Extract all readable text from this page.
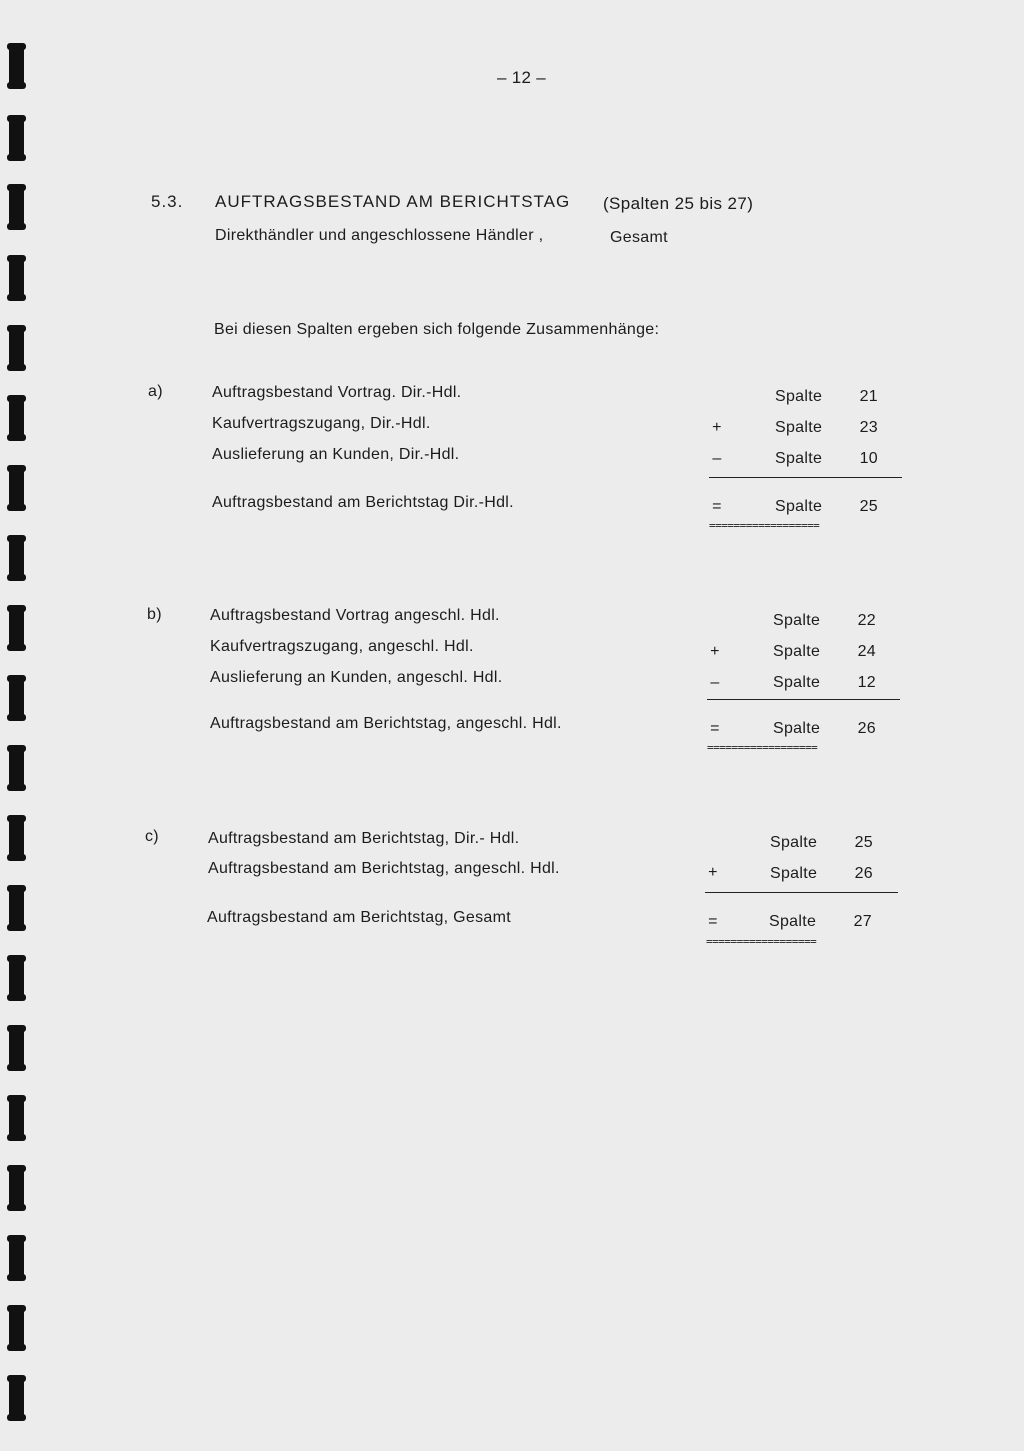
– 12 –
5.3. AUFTRAGSBESTAND AM BERICHTSTAG (Spalten 25 bis 27)
Direkthändler und angeschlossene Händler ,	Gesamt
Bei diesen Spalten ergeben sich folgende Zusammenhänge:
a)	Auftragsbestand Vortrag. Dir.-Hdl.	Spalte	21
Kaufvertragszugang, Dir.-Hdl.	+	Spalte	23
Auslieferung an Kunden, Dir.-Hdl.	–	Spalte	10
Auftragsbestand am Berichtstag Dir.-Hdl.	=	Spalte	25
==================
b)	Auftragsbestand Vortrag angeschl. Hdl.	Spalte	22
Kaufvertragszugang, angeschl. Hdl.	+	Spalte	24
Auslieferung an Kunden, angeschl. Hdl.	–	Spalte	12
Auftragsbestand am Berichtstag, angeschl. Hdl.	=	Spalte	26
==================
c)	Auftragsbestand am Berichtstag, Dir.- Hdl.	Spalte	25
Auftragsbestand am Berichtstag, angeschl. Hdl.	+	Spalte	26
Auftragsbestand am Berichtstag, Gesamt	=	Spalte	27
==================
